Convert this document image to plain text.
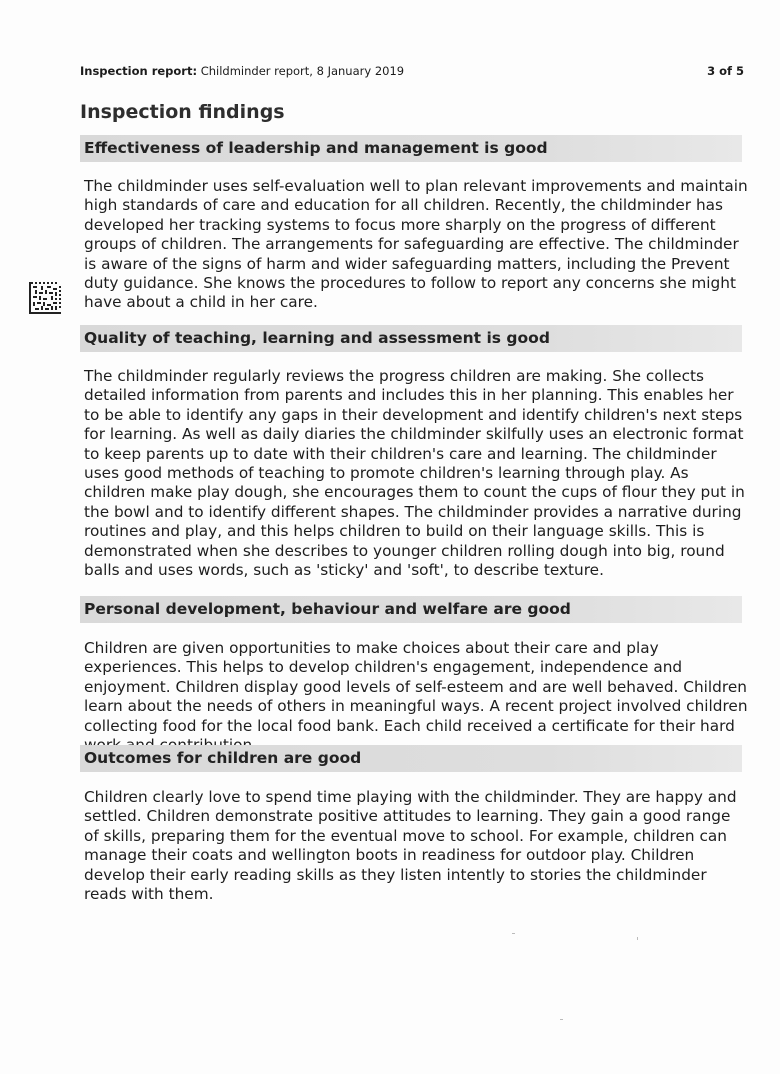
Inspection report: Childminder report, 8 January 2019	3 of 5
Inspection findings
Effectiveness of leadership and management is good

The childminder uses self-evaluation well to plan relevant improvements and maintain high standards of care and education for all children. Recently, the childminder has developed her tracking systems to focus more sharply on the progress of different groups of children. The arrangements for safeguarding are effective. The childminder is aware of the signs of harm and wider safeguarding matters, including the Prevent duty guidance. She knows the procedures to follow to report any concerns she might have about a child in her care.

Quality of teaching, learning and assessment is good

The childminder regularly reviews the progress children are making. She collects detailed information from parents and includes this in her planning. This enables her to be able to identify any gaps in their development and identify children's next steps for learning. As well as daily diaries the childminder skilfully uses an electronic format to keep parents up to date with their children's care and learning. The childminder uses good methods of teaching to promote children's learning through play. As children make play dough, she encourages them to count the cups of flour they put in the bowl and to identify different shapes. The childminder provides a narrative during routines and play, and this helps children to build on their language skills. This is demonstrated when she describes to younger children rolling dough into big, round balls and uses words, such as 'sticky' and 'soft', to describe texture.

Personal development, behaviour and welfare are good

Children are given opportunities to make choices about their care and play experiences. This helps to develop children's engagement, independence and enjoyment. Children display good levels of self-esteem and are well behaved. Children learn about the needs of others in meaningful ways. A recent project involved children collecting food for the local food bank. Each child received a certificate for their hard

Outcomes for children are good

Children clearly love to spend time playing with the childminder. They are happy and settled. Children demonstrate positive attitudes to learning. They gain a good range of skills, preparing them for the eventual move to school. For example, children can manage their coats and wellington boots in readiness for outdoor play. Children develop their early reading skills as they listen intently to stories the childminder reads with them.
